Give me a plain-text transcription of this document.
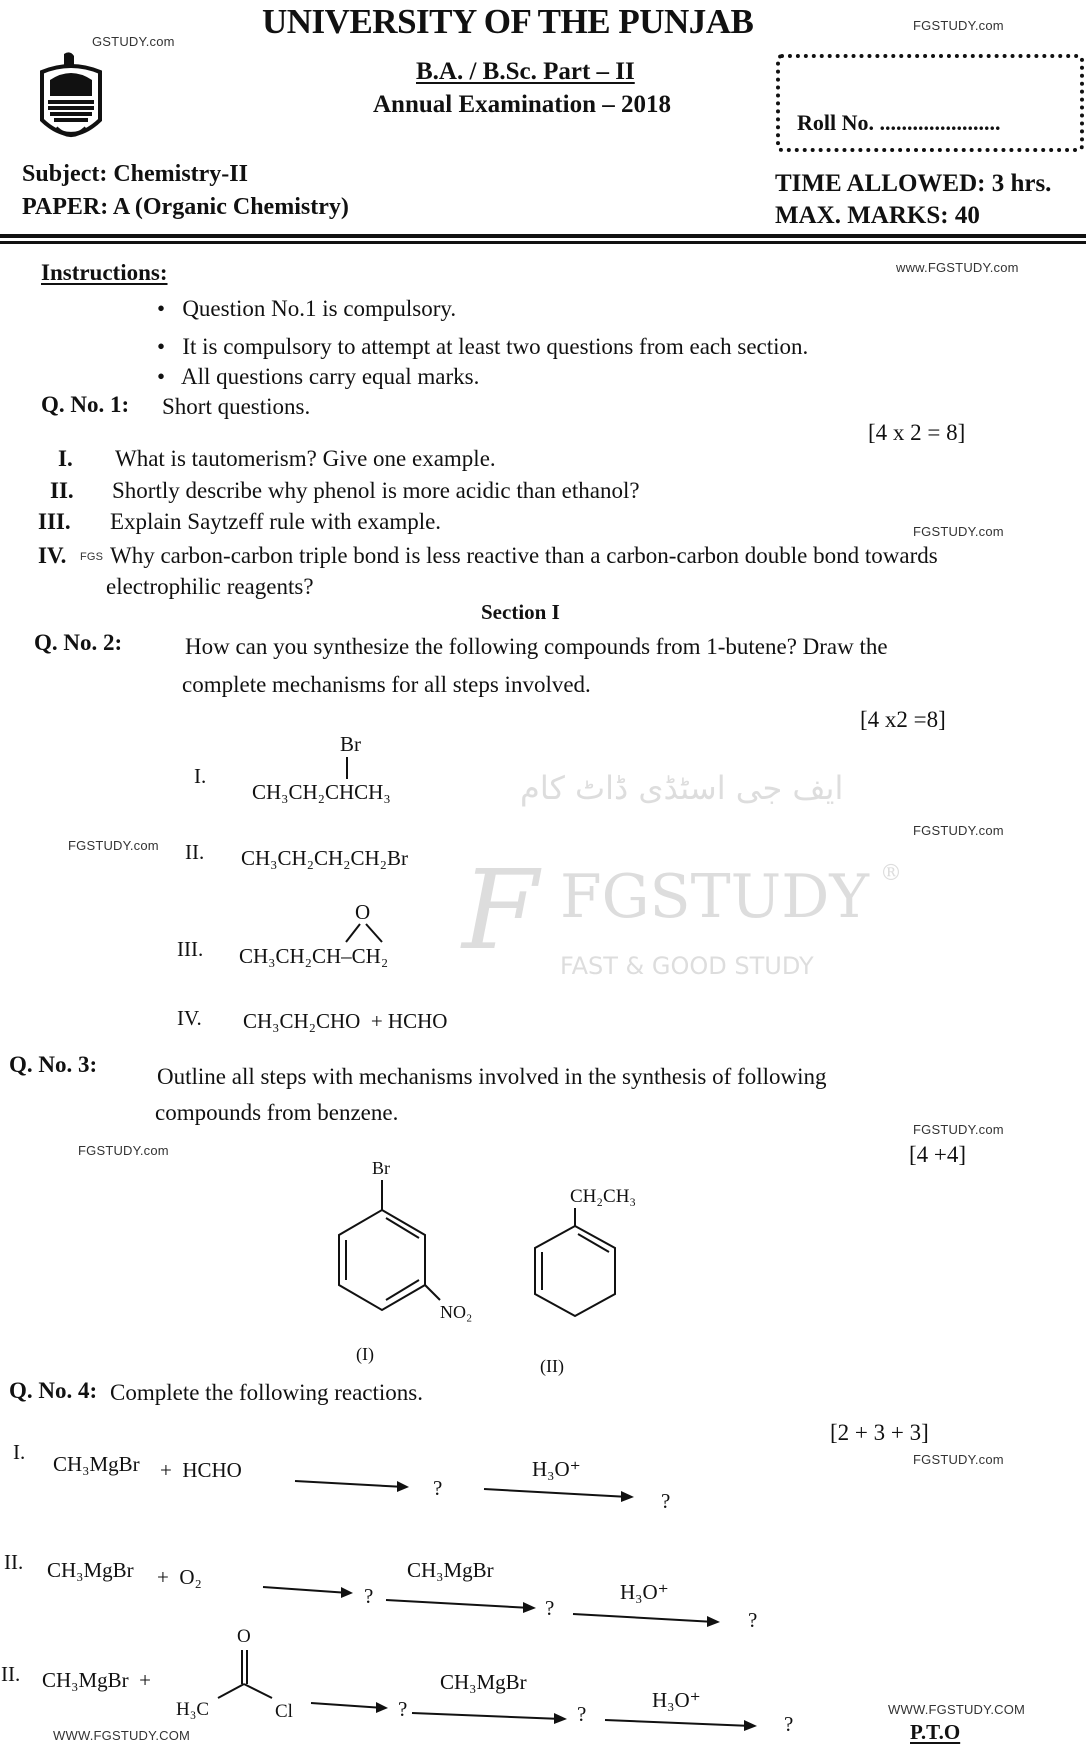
F FGSTUDY
FAST & GOOD STUDY
ایف جی اسٹڈی ڈاٹ کام
®
GSTUDY.com
UNIVERSITY OF THE PUNJAB	FGSTUDY.com
B.A. / B.Sc. Part – II
Annual Examination – 2018
Roll No. ......................
Subject: Chemistry-II
PAPER: A (Organic Chemistry)
TIME ALLOWED: 3 hrs.
MAX. MARKS: 40
Instructions:	www.FGSTUDY.com
•   Question No.1 is compulsory.
•   It is compulsory to attempt at least two questions from each section.
•   All questions carry equal marks.
Q. No. 1: Short questions.
[4 x 2 = 8]
I. What is tautomerism? Give one example.
II. Shortly describe why phenol is more acidic than ethanol?
III. Explain Saytzeff rule with example.	FGSTUDY.com
IV. FGS Why carbon-carbon triple bond is less reactive than a carbon-carbon double bond towards
electrophilic reagents?
Section I
Q. No. 2:	How can you synthesize the following compounds from 1-butene? Draw the
complete mechanisms for all steps involved.
[4 x2 =8]
I.
Br
CH₃CH₂CHCH₃
FGSTUDY.com
FGSTUDY.com
II. CH₃CH₂CH₂CH₂Br
III.
O
CH₃CH₂CH–CH₂
IV. CH₃CH₂CHO  + HCHO
Q. No. 3:	Outline all steps with mechanisms involved in the synthesis of following
compounds from benzene.
FGSTUDY.com
FGSTUDY.com
[4 +4]
Br
NO₂
(I)
CH₂CH₃
(II)
Q. No. 4: Complete the following reactions.
[2 + 3 + 3]
FGSTUDY.com
I. CH₃MgBr +  HCHO
?
H₃O⁺
?
II. CH₃MgBr +  O₂
?
CH₃MgBr
?
H₃O⁺
?
II. CH₃MgBr  +
O
H₃C	Cl	?
CH₃MgBr
?
H₃O⁺
?
WWW.FGSTUDY.COM
WWW.FGSTUDY.COM
P.T.O
